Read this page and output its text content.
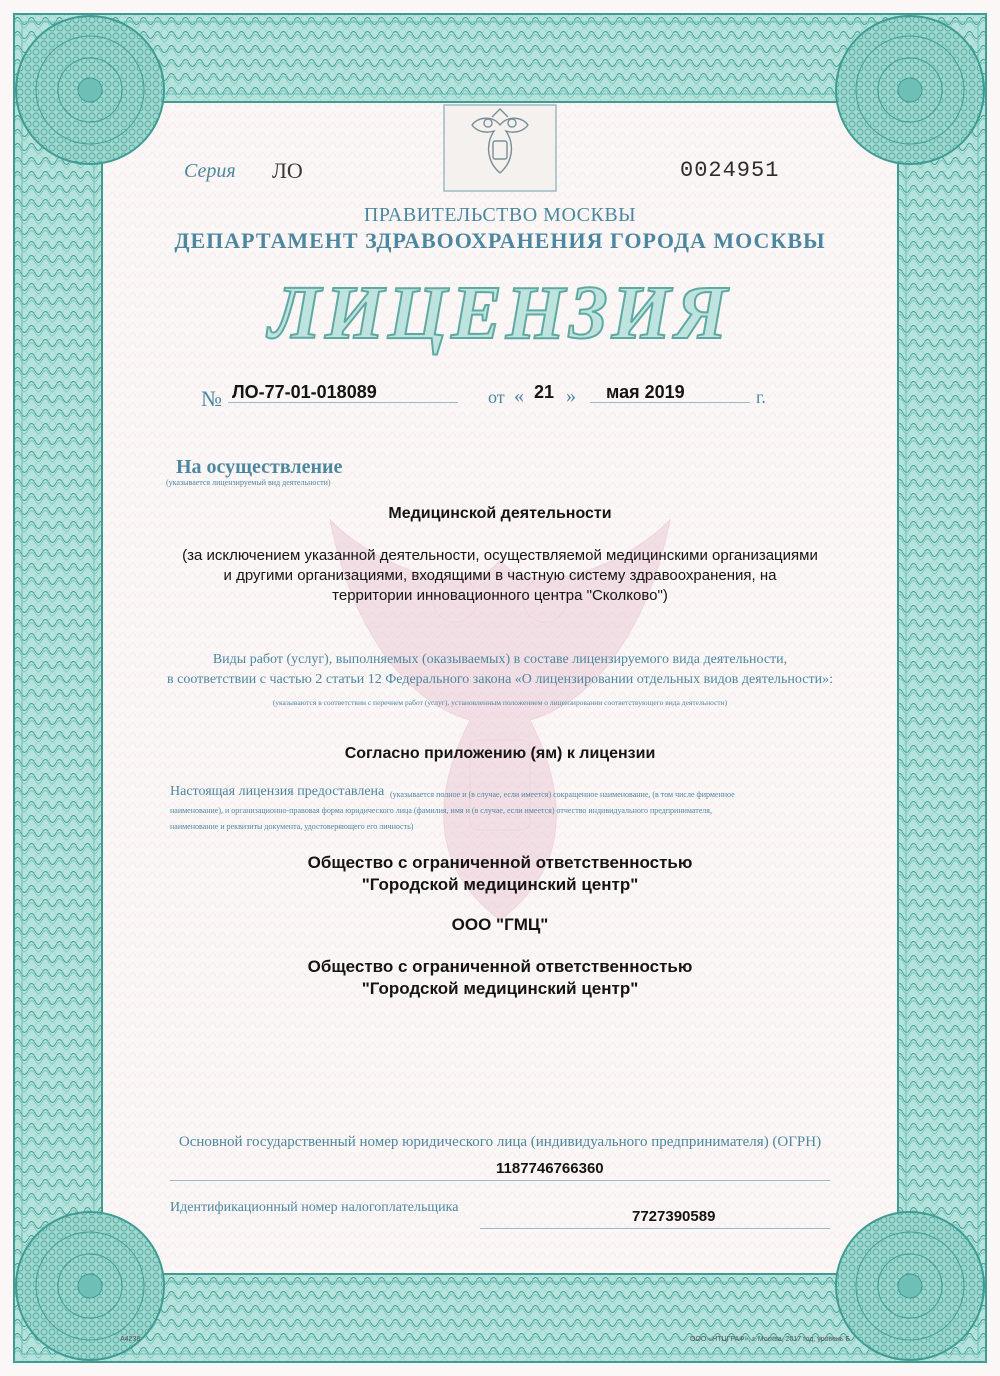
Серия ЛО	0024951
ПРАВИТЕЛЬСТВО МОСКВЫ
ДЕПАРТАМЕНТ ЗДРАВООХРАНЕНИЯ ГОРОДА МОСКВЫ
ЛИЦЕНЗИЯ
№ ЛО-77-01-018089	от « 21 » мая 2019	г.
На осуществление
(указывается лицензируемый вид деятельности)
Медицинской деятельности
(за исключением указанной деятельности, осуществляемой медицинскими организациями
и другими организациями, входящими в частную систему здравоохранения, на
территории инновационного центра "Сколково")
Виды работ (услуг), выполняемых (оказываемых) в составе лицензируемого вида деятельности,
в соответствии с частью 2 статьи 12 Федерального закона «О лицензировании отдельных видов деятельности»:
(указываются в соответствии с перечнем работ (услуг), установленным положением о лицензировании соответствующего вида деятельности)
Согласно приложению (ям) к лицензии
Настоящая лицензия предоставлена (указывается полное и (в случае, если имеется) сокращенное наименование, (в том числе фирменное
наименование), и организационно-правовая форма юридического лица (фамилия, имя и (в случае, если имеется) отчество индивидуального предпринимателя,
наименование и реквизиты документа, удостоверяющего его личность)
Общество с ограниченной ответственностью
"Городской медицинский центр"
ООО "ГМЦ"
Общество с ограниченной ответственностью
"Городской медицинский центр"
Основной государственный номер юридического лица (индивидуального предпринимателя) (ОГРН)
1187746766360
Идентификационный номер налогоплательщика
7727390589
А4238	ООО «НТЦГРАФ», г. Москва, 2017 год, уровень Б
